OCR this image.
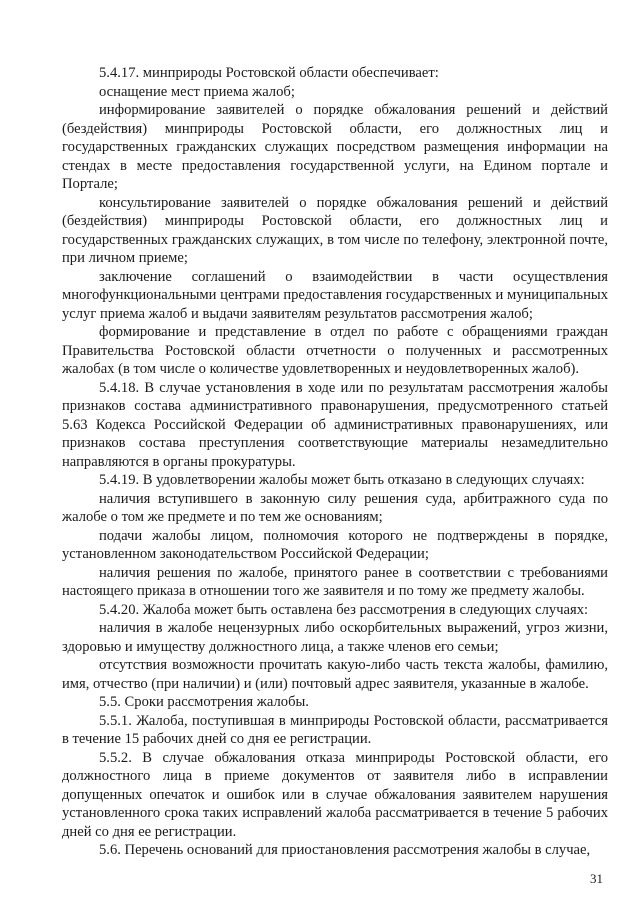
5.4.17. минприроды Ростовской области обеспечивает:

оснащение мест приема жалоб;

информирование заявителей о порядке обжалования решений и действий (бездействия) минприроды Ростовской области, его должностных лиц и государственных гражданских служащих посредством размещения информации на стендах в месте предоставления государственной услуги, на Едином портале и Портале;

консультирование заявителей о порядке обжалования решений и действий (бездействия) минприроды Ростовской области, его должностных лиц и государственных гражданских служащих, в том числе по телефону, электронной почте, при личном приеме;

заключение соглашений о взаимодействии в части осуществления многофункциональными центрами предоставления государственных и муниципальных услуг приема жалоб и выдачи заявителям результатов рассмотрения жалоб;

формирование и представление в отдел по работе с обращениями граждан Правительства Ростовской области отчетности о полученных и рассмотренных жалобах (в том числе о количестве удовлетворенных и неудовлетворенных жалоб).

5.4.18. В случае установления в ходе или по результатам рассмотрения жалобы признаков состава административного правонарушения, предусмотренного статьей 5.63 Кодекса Российской Федерации об административных правонарушениях, или признаков состава преступления соответствующие материалы незамедлительно направляются в органы прокуратуры.

5.4.19. В удовлетворении жалобы может быть отказано в следующих случаях:

наличия вступившего в законную силу решения суда, арбитражного суда по жалобе о том же предмете и по тем же основаниям;

подачи жалобы лицом, полномочия которого не подтверждены в порядке, установленном законодательством Российской Федерации;

наличия решения по жалобе, принятого ранее в соответствии с требованиями настоящего приказа в отношении того же заявителя и по тому же предмету жалобы.

5.4.20. Жалоба может быть оставлена без рассмотрения в следующих случаях:

наличия в жалобе нецензурных либо оскорбительных выражений, угроз жизни, здоровью и имуществу должностного лица, а также членов его семьи;

отсутствия возможности прочитать какую-либо часть текста жалобы, фамилию, имя, отчество (при наличии) и (или) почтовый адрес заявителя, указанные в жалобе.

5.5. Сроки рассмотрения жалобы.

5.5.1. Жалоба, поступившая в минприроды Ростовской области, рассматривается в течение 15 рабочих дней со дня ее регистрации.

5.5.2. В случае обжалования отказа минприроды Ростовской области, его должностного лица в приеме документов от заявителя либо в исправлении допущенных опечаток и ошибок или в случае обжалования заявителем нарушения установленного срока таких исправлений жалоба рассматривается в течение 5 рабочих дней со дня ее регистрации.

5.6. Перечень оснований для приостановления рассмотрения жалобы в случае,

31
